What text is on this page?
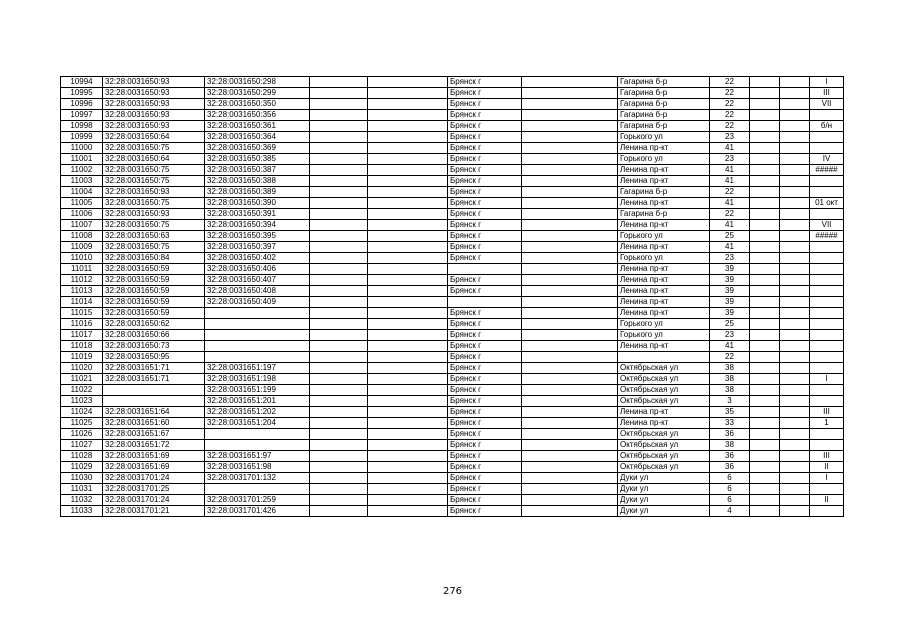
10994	32:28:0031650:93	32:28:0031650:298			Брянск г		Гагарина б-р	22			I
10995	32:28:0031650:93	32:28:0031650:299			Брянск г		Гагарина б-р	22			III
10996	32:28:0031650:93	32:28:0031650:350			Брянск г		Гагарина б-р	22			VII
10997	32:28:0031650:93	32:28:0031650:356			Брянск г		Гагарина б-р	22			
10998	32:28:0031650:93	32:28:0031650:361			Брянск г		Гагарина б-р	22			б/н
10999	32:28:0031650:64	32:28:0031650:364			Брянск г		Горького ул	23			
11000	32:28:0031650:75	32:28:0031650:369			Брянск г		Ленина пр-кт	41			
11001	32:28:0031650:64	32:28:0031650:385			Брянск г		Горького ул	23			IV
11002	32:28:0031650:75	32:28:0031650:387			Брянск г		Ленина пр-кт	41			#####
11003	32:28:0031650:75	32:28:0031650:388			Брянск г		Ленина пр-кт	41			
11004	32:28:0031650:93	32:28:0031650:389			Брянск г		Гагарина б-р	22			
11005	32:28:0031650:75	32:28:0031650:390			Брянск г		Ленина пр-кт	41			01 окт
11006	32:28:0031650:93	32:28:0031650:391			Брянск г		Гагарина б-р	22			
11007	32:28:0031650:75	32:28:0031650:394			Брянск г		Ленина пр-кт	41			VII
11008	32:28:0031650:63	32:28:0031650:395			Брянск г		Горького ул	25			#####
11009	32:28:0031650:75	32:28:0031650:397			Брянск г		Ленина пр-кт	41			
11010	32:28:0031650:84	32:28:0031650:402			Брянск г		Горького ул	23			
11011	32:28:0031650:59	32:28:0031650:406					Ленина пр-кт	39			
11012	32:28:0031650:59	32:28:0031650:407			Брянск г		Ленина пр-кт	39			
11013	32:28:0031650:59	32:28:0031650:408			Брянск г		Ленина пр-кт	39			
11014	32:28:0031650:59	32:28:0031650:409					Ленина пр-кт	39			
11015	32:28:0031650:59				Брянск г		Ленина пр-кт	39			
11016	32:28:0031650:62				Брянск г		Горького ул	25			
11017	32:28:0031650:66				Брянск г		Горького ул	23			
11018	32:28:0031650:73				Брянск г		Ленина пр-кт	41			
11019	32:28:0031650:95				Брянск г			22			
11020	32:28:0031651:71	32:28:0031651:197			Брянск г		Октябрьская ул	38			
11021	32:28:0031651:71	32:28:0031651:198			Брянск г		Октябрьская ул	38			I
11022		32:28:0031651:199			Брянск г		Октябрьская ул	38			
11023		32:28:0031651:201			Брянск г		Октябрьская ул	3			
11024	32:28:0031651:64	32:28:0031651:202			Брянск г		Ленина пр-кт	35			III
11025	32:28:0031651:60	32:28:0031651:204			Брянск г		Ленина пр-кт	33			1
11026	32:28:0031651:67				Брянск г		Октябрьская ул	36			
11027	32:28:0031651:72				Брянск г		Октябрьская ул	38			
11028	32:28:0031651:69	32:28:0031651:97			Брянск г		Октябрьская ул	36			III
11029	32:28:0031651:69	32:28:0031651:98			Брянск г		Октябрьская ул	36			II
11030	32:28:0031701:24	32:28:0031701:132			Брянск г		Дуки ул	6			I
11031	32:28:0031701:25				Брянск г		Дуки ул	6			
11032	32:28:0031701:24	32:28:0031701:259			Брянск г		Дуки ул	6			II
11033	32:28:0031701:21	32:28:0031701:426			Брянск г		Дуки ул	4			
276
